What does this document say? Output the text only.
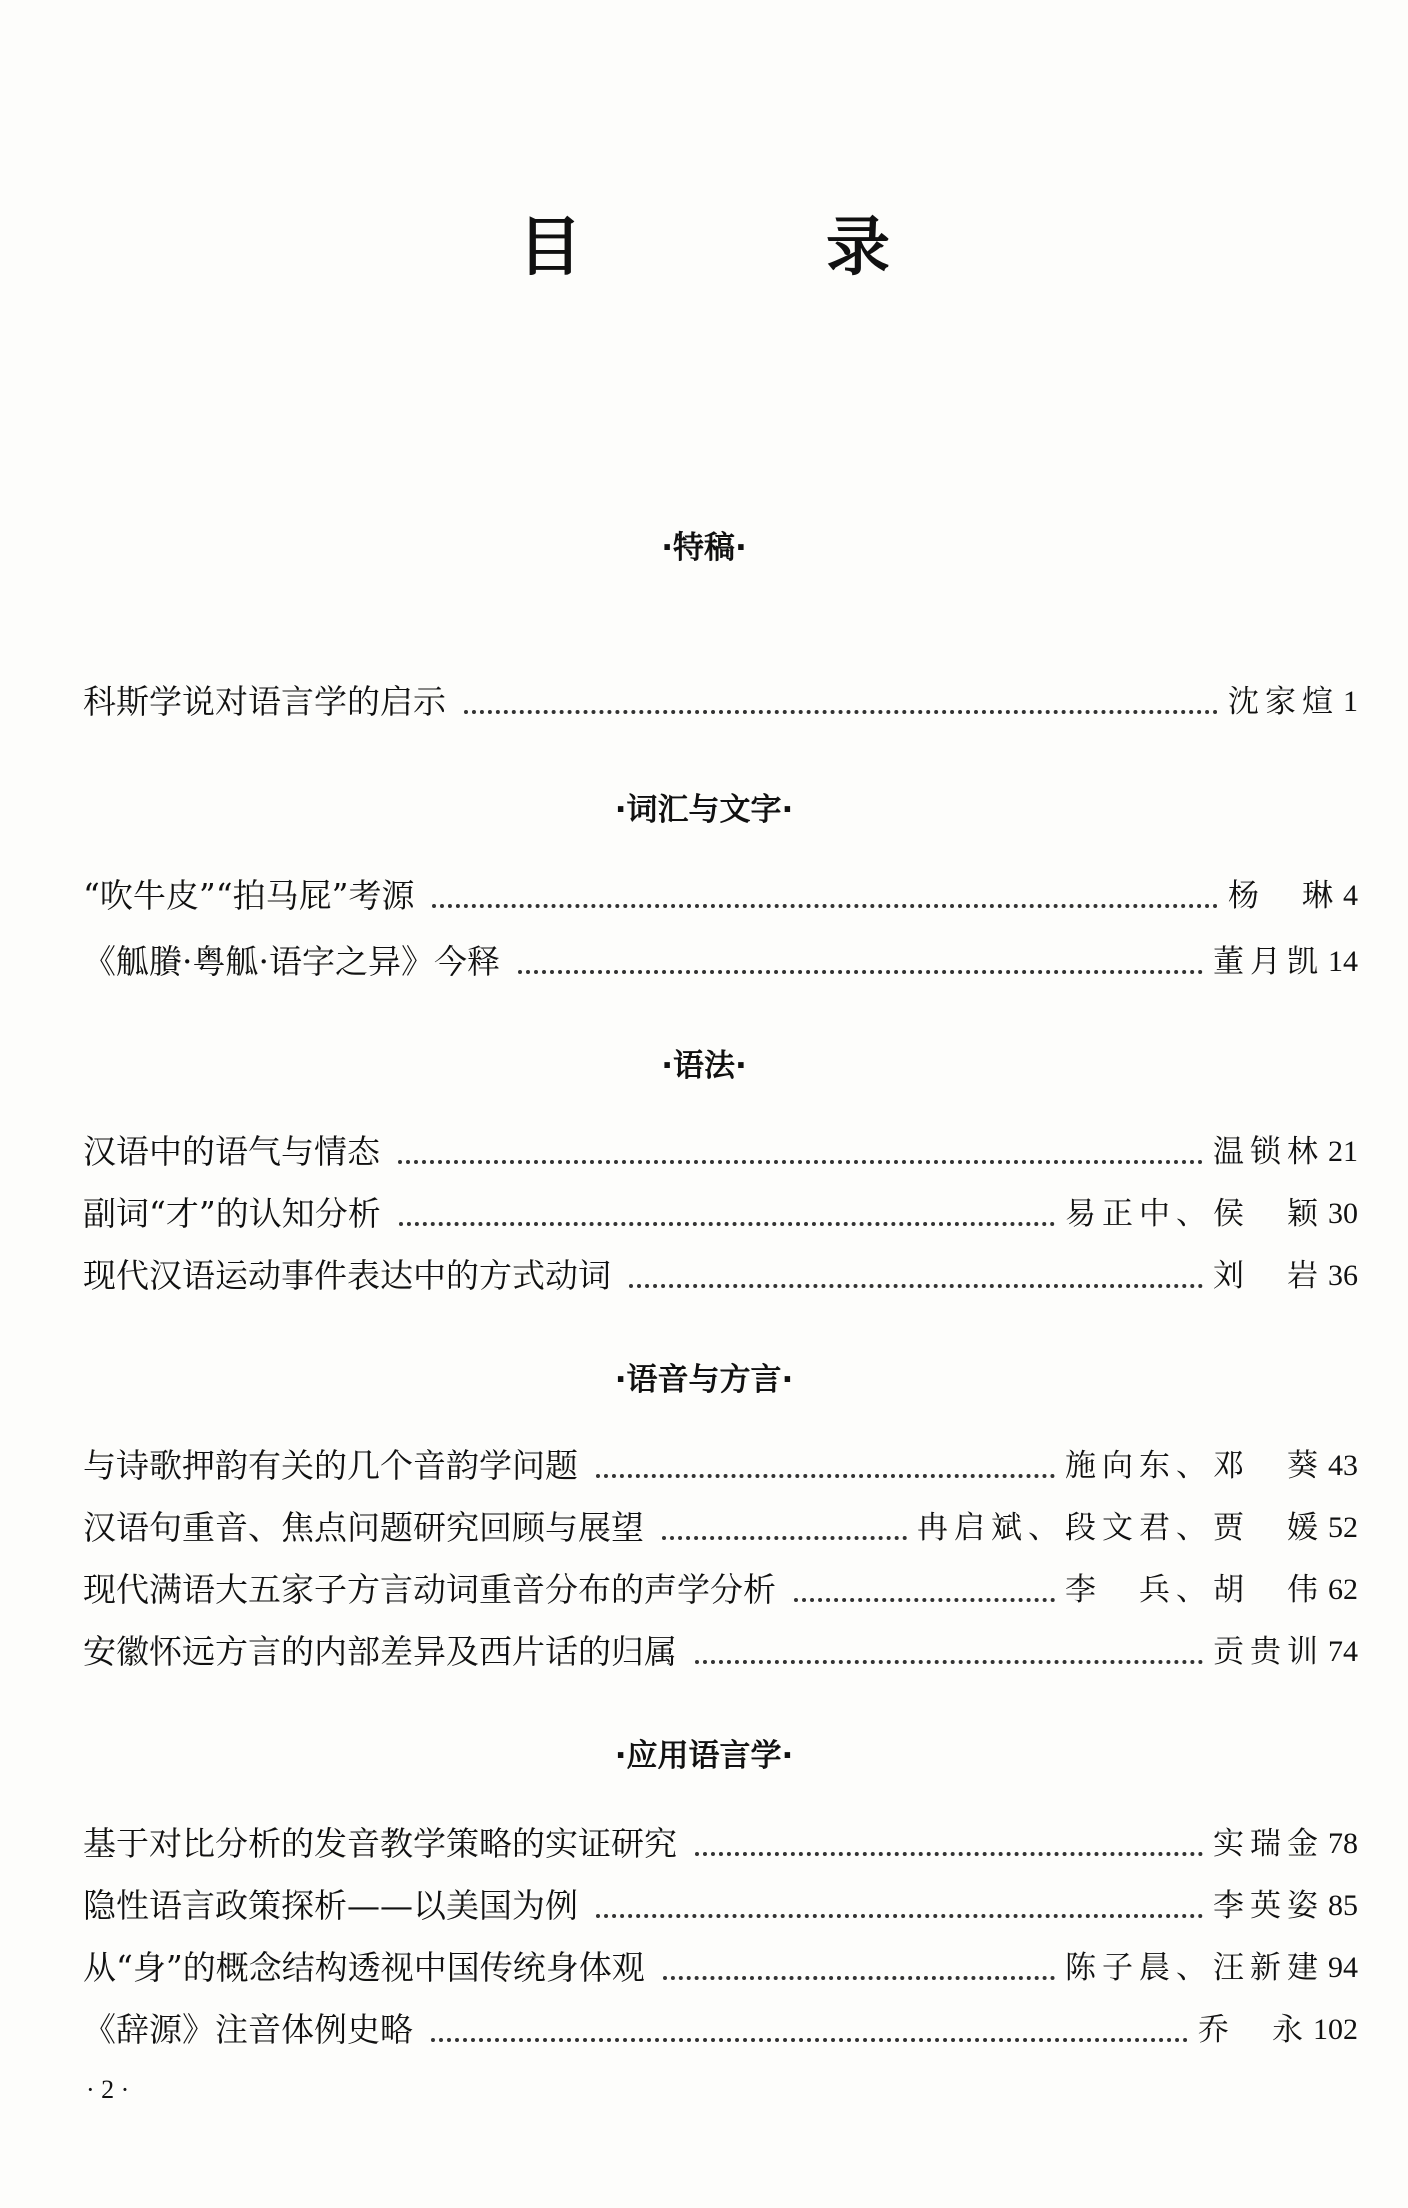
目　录
·特稿·
科斯学说对语言学的启示	沈家煊 1
·词汇与文字·
“吹牛皮”“拍马屁”考源	杨　琳 4
《觚賸·粤觚·语字之异》今释	董月凯 14
·语法·
汉语中的语气与情态	温锁林 21
副词“才”的认知分析	易正中、侯　颖 30
现代汉语运动事件表达中的方式动词	刘　岩 36
·语音与方言·
与诗歌押韵有关的几个音韵学问题	施向东、邓　葵 43
汉语句重音、焦点问题研究回顾与展望	冉启斌、段文君、贾　媛 52
现代满语大五家子方言动词重音分布的声学分析	李　兵、胡　伟 62
安徽怀远方言的内部差异及西片话的归属	贡贵训 74
·应用语言学·
基于对比分析的发音教学策略的实证研究	实瑞金 78
隐性语言政策探析——以美国为例	李英姿 85
从“身”的概念结构透视中国传统身体观	陈子晨、汪新建 94
《辞源》注音体例史略	乔　永 102
· 2 ·
